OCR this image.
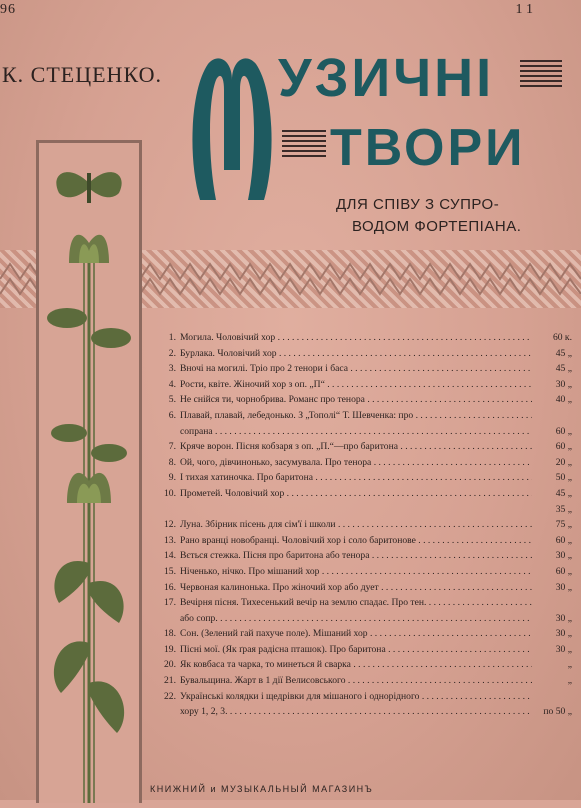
96	1 1
К. СТЕЦЕНКО.
М
УЗИЧНІ
ТВОРИ
ДЛЯ СПІВУ З СУПРО-
ВОДОМ ФОРТЕПІАНА.
1. Могила. Чоловічий хор . . .	60 к.
2. Бурлака. Чоловічий хор . . .	45 „
3. Вночі на могилі. Тріо про 2 тенори і баса . . .	45 „
4. Рости, квіте. Жіночий хор з оп. „П“ . . .	30 „
5. Не снійся ти, чорнобрива. Романс про тенора . . .	40 „
6. Плавай, плавай, лебедонько. З „Тополі“ Т. Шевченка: про . . .
сопрана . . .	60 „
7. Кряче ворон. Пісня кобзаря з оп. „П.“—про баритона . . .	60 „
8. Ой, чого, дівчинонько, засумувала. Про тенора . . .	20 „
9. І тихая хатиночка. Про баритона . . .	50 „
10. Прометей. Чоловічий хор . . .	45 „
35 „
12. Луна. Збірник пісень для сім'ї і школи . . .	75 „
13. Рано вранці новобранці. Чоловічий хор і соло баритонове . . .	60 „
14. Вється стежка. Пісня про баритона або тенора . . .	30 „
15. Ніченько, нічко. Про мішаний хор . . .	60 „
16. Червоная калинонька. Про жіночий хор або дует . . .	30 „
17. Вечірня пісня. Тихесенький вечір на землю спадає. Про тен. . . .
або сопр. . . .	30 „
18. Сон. (Зелений гай пахуче поле). Мішаний хор . . .	30 „
19. Пісні мої. (Як ґрая радісна пташок). Про баритона . . .	30 „
20. Як ковбаса та чарка, то минеться й сварка . . .	„
21. Бувальщина. Жарт в 1 дії Велисовського . . .	„
22. Українські колядки і щедрівки для мішаного і однорідного . . .
хору 1, 2, 3. . . .	по 50 „
КНИЖНИЙ и МУЗЫКАЛЬНЫЙ МАГАЗИНЪ
